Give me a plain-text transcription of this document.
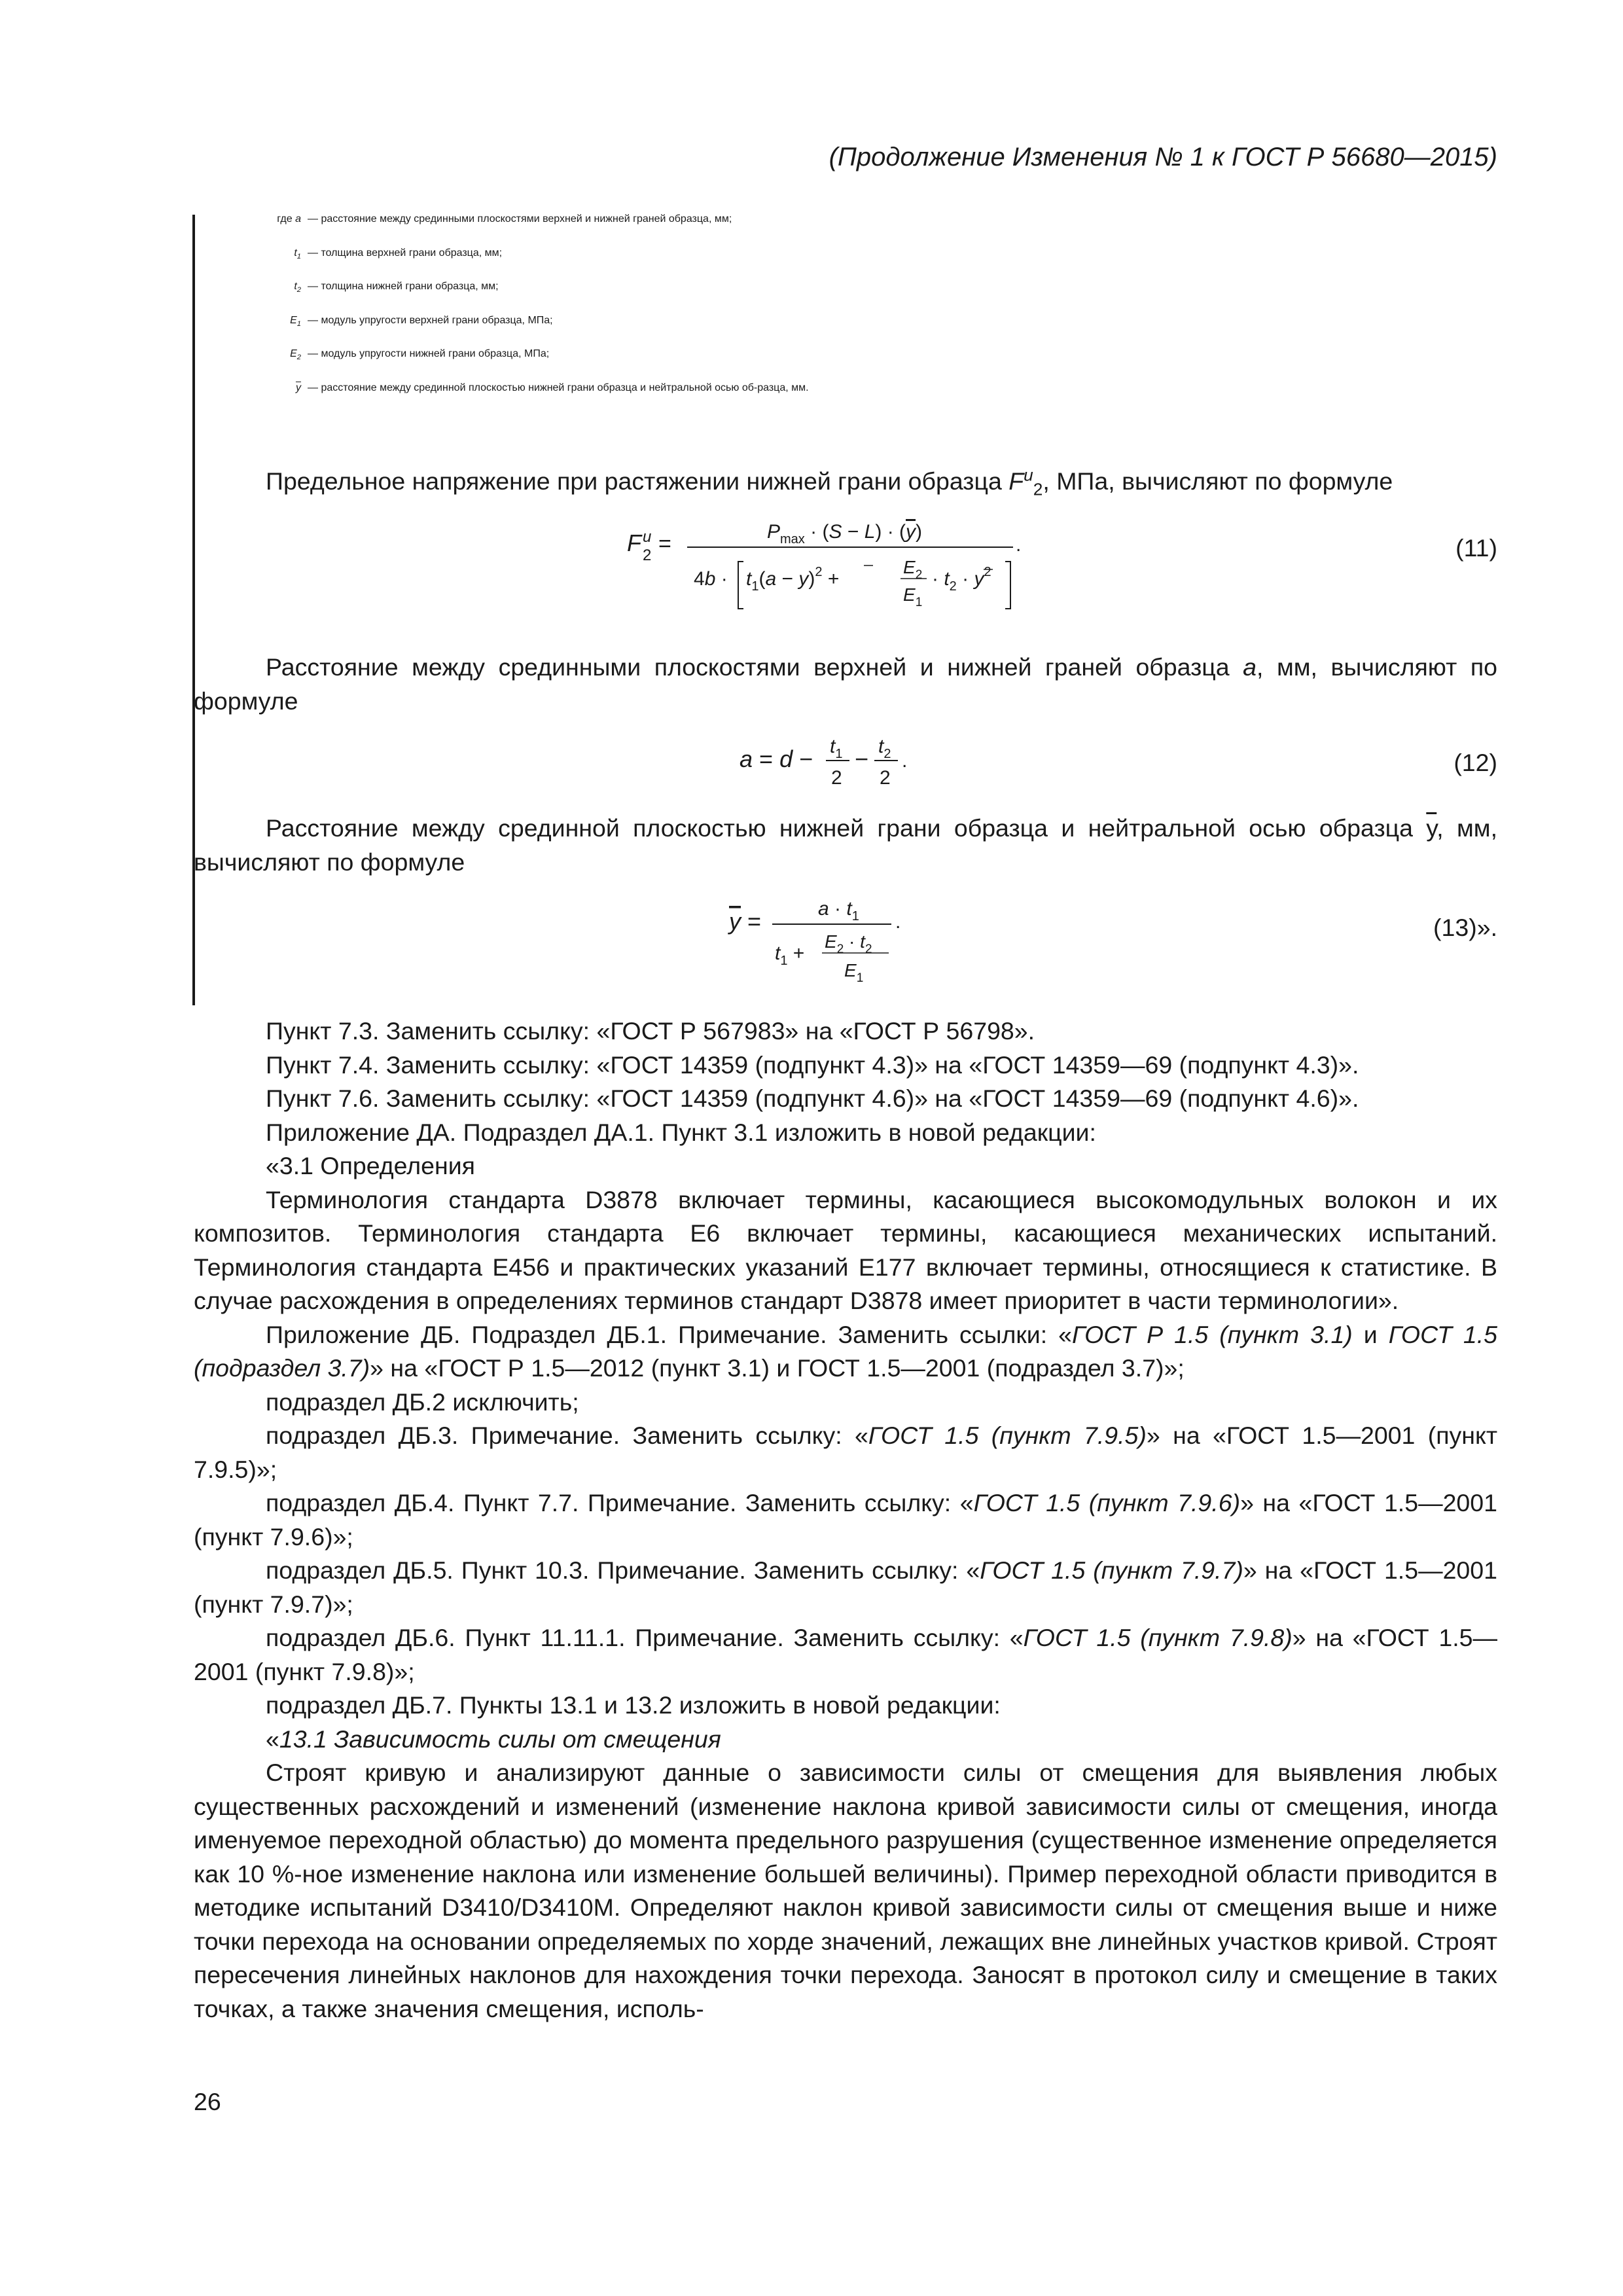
(Продолжение Изменения № 1 к ГОСТ Р 56680—2015)
где a — расстояние между срединными плоскостями верхней и нижней граней образца, мм;
$t_1$ — толщина верхней грани образца, мм;
$t_2$ — толщина нижней грани образца, мм;
$E_1$ — модуль упругости верхней грани образца, МПа;
$E_2$ — модуль упругости нижней грани образца, МПа;
$\overline{y}$ — расстояние между срединной плоскостью нижней грани образца и нейтральной осью об-разца, мм.

Предельное напряжение при растяжении нижней грани образца $F^u_2$, МПа, вычисляют по формуле

F u
2 =	$P_{max} \cdot (S - L) \cdot (y)$
.
$4b \cdot t_1(a - y)^2$ +
$E_2$
$E_1$
· $t_2 \cdot y^2$
(11)

Расстояние между срединными плоскостями верхней и нижней граней образца a, мм, вычисляют по формуле

$a = d - t_1$
2
− $t_2$
2
.	(12)

Расстояние между срединной плоскостью нижней грани образца и нейтральной осью образца $\overline{y}$, мм, вычисляют по формуле

y =	$a \cdot t_1$ .
$t_1$ +
$E_2 \cdot t_2$
$E_1$
(13)».

Пункт 7.3. Заменить ссылку: «ГОСТ Р 567983» на «ГОСТ Р 56798».

Пункт 7.4. Заменить ссылку: «ГОСТ 14359 (подпункт 4.3)» на «ГОСТ 14359—69 (подпункт 4.3)».

Пункт 7.6. Заменить ссылку: «ГОСТ 14359 (подпункт 4.6)» на «ГОСТ 14359—69 (подпункт 4.6)».

Приложение ДА. Подраздел ДА.1. Пункт 3.1 изложить в новой редакции:

«3.1 Определения

Терминология стандарта D3878 включает термины, касающиеся высокомодульных волокон и их композитов. Терминология стандарта E6 включает термины, касающиеся механических испытаний. Терминология стандарта E456 и практических указаний E177 включает термины, относящиеся к статистике. В случае расхождения в определениях терминов стандарт D3878 имеет приоритет в части терминологии».

Приложение ДБ. Подраздел ДБ.1. Примечание. Заменить ссылки: «ГОСТ Р 1.5 (пункт 3.1) и ГОСТ 1.5 (подраздел 3.7)» на «ГОСТ Р 1.5—2012 (пункт 3.1) и ГОСТ 1.5—2001 (подраздел 3.7)»;

подраздел ДБ.2 исключить;

подраздел ДБ.3. Примечание. Заменить ссылку: «ГОСТ 1.5 (пункт 7.9.5)» на «ГОСТ 1.5—2001 (пункт 7.9.5)»;

подраздел ДБ.4. Пункт 7.7. Примечание. Заменить ссылку: «ГОСТ 1.5 (пункт 7.9.6)» на «ГОСТ 1.5—2001 (пункт 7.9.6)»;

подраздел ДБ.5. Пункт 10.3. Примечание. Заменить ссылку: «ГОСТ 1.5 (пункт 7.9.7)» на «ГОСТ 1.5—2001 (пункт 7.9.7)»;

подраздел ДБ.6. Пункт 11.11.1. Примечание. Заменить ссылку: «ГОСТ 1.5 (пункт 7.9.8)» на «ГОСТ 1.5—2001 (пункт 7.9.8)»;

подраздел ДБ.7. Пункты 13.1 и 13.2 изложить в новой редакции:

«13.1 Зависимость силы от смещения

Строят кривую и анализируют данные о зависимости силы от смещения для выявления любых существенных расхождений и изменений (изменение наклона кривой зависимости силы от смещения, иногда именуемое переходной областью) до момента предельного разрушения (существенное изменение определяется как 10 %-ное изменение наклона или изменение большей величины). Пример переходной области приводится в методике испытаний D3410/D3410M. Определяют наклон кривой зависимости силы от смещения выше и ниже точки перехода на основании определяемых по хорде значений, лежащих вне линейных участков кривой. Строят пересечения линейных наклонов для нахождения точки перехода. Заносят в протокол силу и смещение в таких точках, а также значения смещения, исполь-

26
